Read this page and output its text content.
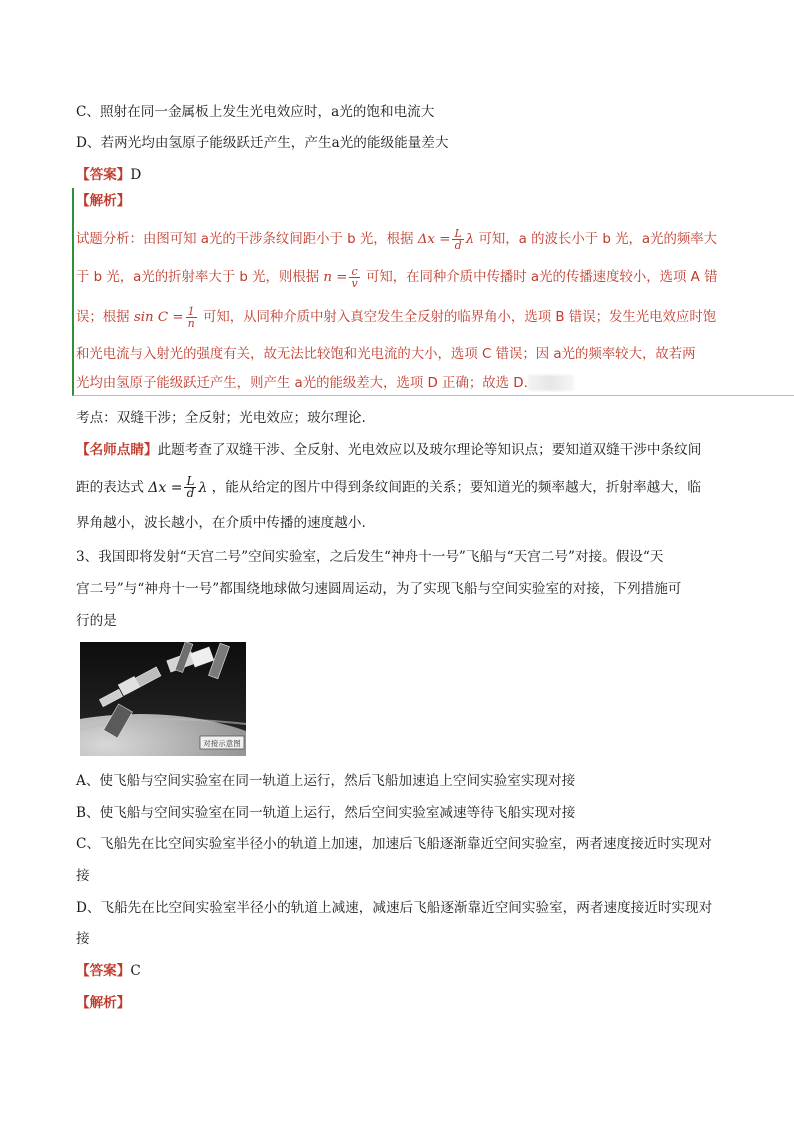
C、照射在同一金属板上发生光电效应时，a光的饱和电流大
D、若两光均由氢原子能级跃迁产生，产生a光的能级能量差大
【答案】D
【解析】
试题分析：由图可知 a光的干涉条纹间距小于 b 光，根据 $\Delta x = \frac{L}{d}$ λ 可知，a 的波长小于 b 光，a光的频率大
于 b 光，a光的折射率大于 b 光，则根据 $n = \frac{c}{v}$ 可知，在同种介质中传播时 a光的传播速度较小，选项 A 错
误；根据 $\sin C = \frac{1}{n}$ 可知，从同种介质中射入真空发生全反射的临界角小，选项 B 错误；发生光电效应时饱
和光电流与入射光的强度有关，故无法比较饱和光电流的大小，选项 C 错误；因 a光的频率较大，故若两
光均由氢原子能级跃迁产生，则产生 a光的能级差大，选项 D 正确；故选 D.
考点：双缝干涉；全反射；光电效应；玻尔理论.
【名师点睛】此题考查了双缝干涉、全反射、光电效应以及玻尔理论等知识点；要知道双缝干涉中条纹间
距的表达式 $\Delta x = \frac{L}{d}$ λ ，能从给定的图片中得到条纹间距的关系；要知道光的频率越大，折射率越大，临
界角越小，波长越小，在介质中传播的速度越小.
3、我国即将发射“天宫二号”空间实验室，之后发生“神舟十一号”飞船与“天宫二号”对接。假设“天
宫二号”与“神舟十一号”都围绕地球做匀速圆周运动，为了实现飞船与空间实验室的对接，下列措施可
行的是
对接示意图
A、使飞船与空间实验室在同一轨道上运行，然后飞船加速追上空间实验室实现对接
B、使飞船与空间实验室在同一轨道上运行，然后空间实验室减速等待飞船实现对接
C、飞船先在比空间实验室半径小的轨道上加速，加速后飞船逐渐靠近空间实验室，两者速度接近时实现对
接
D、飞船先在比空间实验室半径小的轨道上减速，减速后飞船逐渐靠近空间实验室，两者速度接近时实现对
接
【答案】C
【解析】
